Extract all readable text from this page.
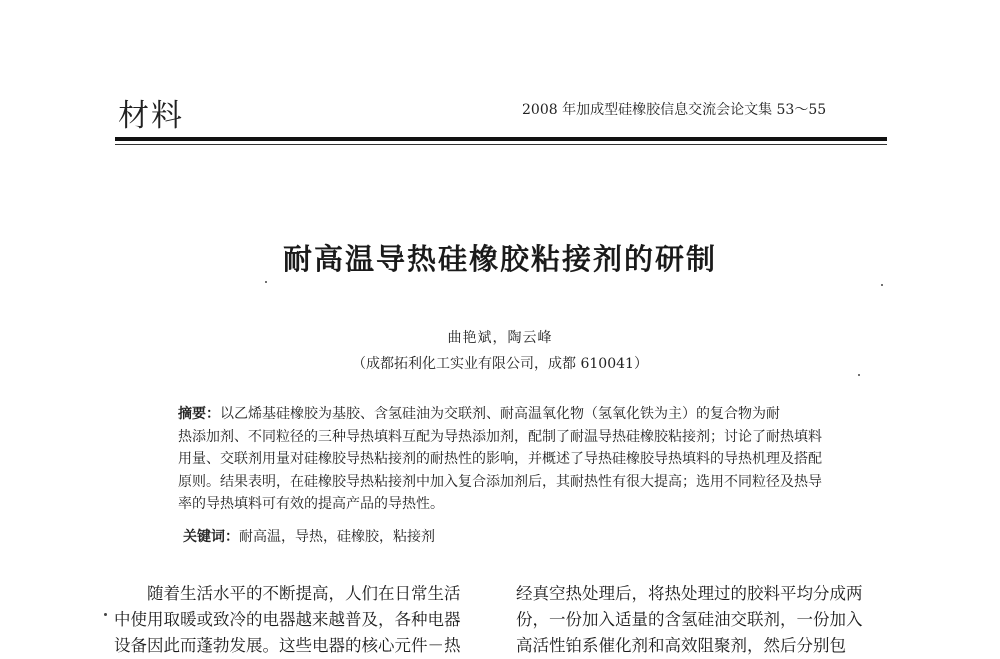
材料	2008 年加成型硅橡胶信息交流会论文集 53～55
耐高温导热硅橡胶粘接剂的研制
曲艳斌，陶云峰
（成都拓利化工实业有限公司，成都 610041）
摘要：以乙烯基硅橡胶为基胶、含氢硅油为交联剂、耐高温氧化物（氢氧化铁为主）的复合物为耐
热添加剂、不同粒径的三种导热填料互配为导热添加剂，配制了耐温导热硅橡胶粘接剂；讨论了耐热填料
用量、交联剂用量对硅橡胶导热粘接剂的耐热性的影响，并概述了导热硅橡胶导热填料的导热机理及搭配
原则。结果表明，在硅橡胶导热粘接剂中加入复合添加剂后，其耐热性有很大提高；选用不同粒径及热导
率的导热填料可有效的提高产品的导热性。
关键词：耐高温，导热，硅橡胶，粘接剂
随着生活水平的不断提高，人们在日常生活
中使用取暖或致冷的电器越来越普及，各种电器
设备因此而蓬勃发展。这些电器的核心元件－热
经真空热处理后，将热处理过的胶料平均分成两
份，一份加入适量的含氢硅油交联剂，一份加入
高活性铂系催化剂和高效阻聚剂，然后分别包
